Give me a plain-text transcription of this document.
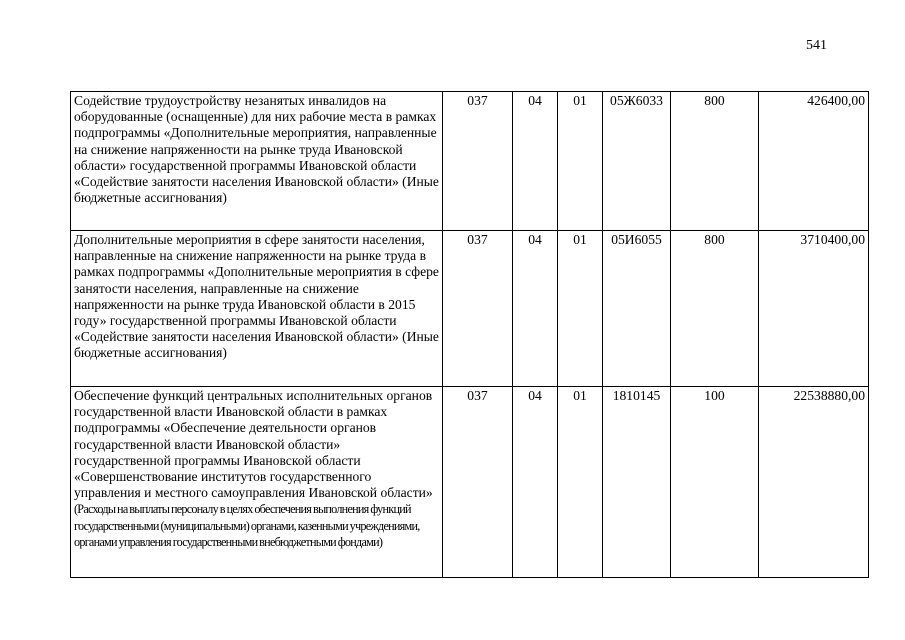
541
Содействие трудоустройству незанятых инвалидов на оборудованные (оснащенные) для них рабочие места в рамках подпрограммы «Дополнительные мероприятия, направленные на снижение напряженности на рынке труда Ивановской области» государственной программы Ивановской области «Содействие занятости населения Ивановской области» (Иные бюджетные ассигнования)	037	04	01	05Ж6033	800	426400,00

Дополнительные мероприятия в сфере занятости населения, направленные на снижение напряженности на рынке труда в рамках подпрограммы «Дополнительные мероприятия в сфере занятости населения, направленные на снижение напряженности на рынке труда Ивановской области в 2015 году» государственной программы Ивановской области «Содействие занятости населения Ивановской области» (Иные бюджетные ассигнования)	037	04	01	05И6055	800	3710400,00

Обеспечение функций центральных исполнительных органов государственной власти Ивановской области в рамках подпрограммы «Обеспечение деятельности органов государственной власти Ивановской области» государственной программы Ивановской области «Совершенствование институтов государственного управления и местного самоуправления Ивановской области»
(Расходы на выплаты персоналу в целях обеспечения выполнения функций государственными (муниципальными) органами, казенными учреждениями, органами управления государственными внебюджетными фондами)	037	04	01	1810145	100	22538880,00
